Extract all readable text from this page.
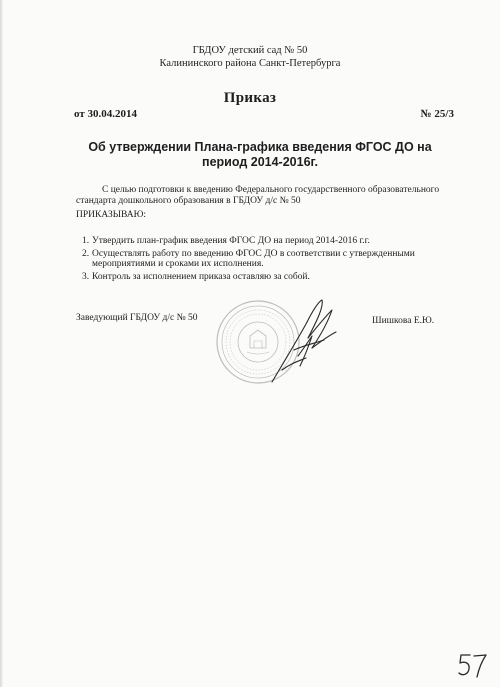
ГБДОУ детский сад № 50
Калининского района Санкт-Петербурга
Приказ
от 30.04.2014	№ 25/3
Об утверждении Плана-графика введения ФГОС ДО на
период 2014-2016г.
С целью подготовки к введению Федерального государственного образовательного
стандарта дошкольного образования в ГБДОУ д/с № 50
ПРИКАЗЫВАЮ:
1. Утвердить план-график введения ФГОС ДО на период 2014-2016 г.г.
2. Осуществлять работу по введению ФГОС ДО в соответствии с утвержденными мероприятиями и сроками их исполнения.
3. Контроль за исполнением приказа оставляю за собой.
Заведующий ГБДОУ д/с № 50	Шишкова Е.Ю.
